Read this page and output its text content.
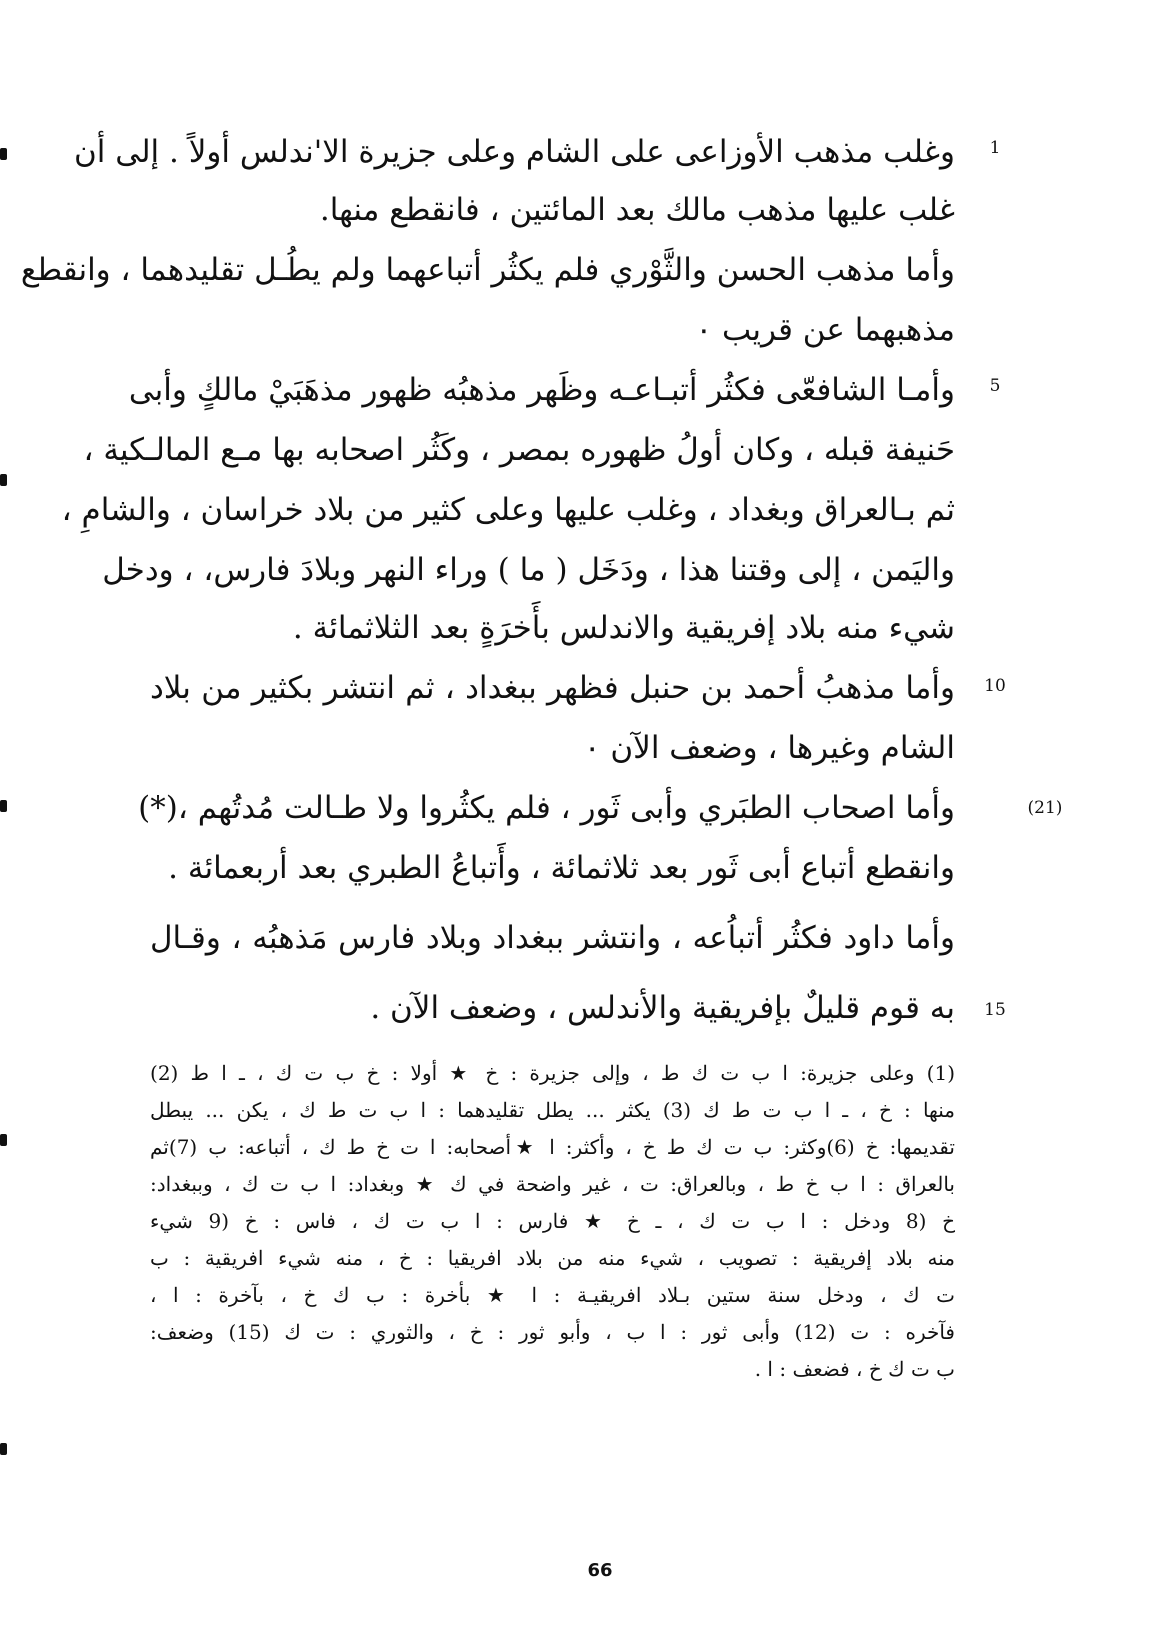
وغلب مذهب الأوزاعى على الشام وعلى جزيرة الا'ندلس أولاً . إلى أن
غلب عليها مذهب مالك بعد المائتين ، فانقطع منها.
وأما مذهب الحسن والثَّوْري فلم يكثُر أتباعهما ولم يطُـل تقليدهما ، وانقطع
مذهبهما عن قريب ٠
وأمـا الشافعّى فكثُر أتبـاعـه وظَهر مذهبُه ظهور مذهَبَيْ مالكٍ وأبى
حَنيفة قبله ، وكان أولُ ظهوره بمصر ، وكَثُر اصحابه بها مـع المالـكية ،
ثم بـالعراق وبغداد ، وغلب عليها وعلى كثير من بلاد خراسان ، والشامِ ،
واليَمن ، إلى وقتنا هذا ، ودَخَل ( ما ) وراء النهر وبلادَ فارس، ، ودخل
شيء منه بلاد إفريقية والاندلس بأَخرَةٍ بعد الثلاثمائة .
وأما مذهبُ أحمد بن حنبل فظهر ببغداد ، ثم انتشر بكثير من بلاد
الشام وغيرها ، وضعف الآن ٠
وأما اصحاب الطبَري وأبى ثَور ، فلم يكثُروا ولا طـالت مُدتُهم ،(*)
وانقطع أتباع أبى ثَور بعد ثلاثمائة ، وأَتباعُ الطبري بعد أربعمائة .
وأما داود فكثُر أتباُعه ، وانتشر ببغداد وبلاد فارس مَذهبُه ، وقـال
به قوم قليلٌ بإفريقية والأندلس ، وضعف الآن .
1
5
10
(21)
15
(1) وعلى جزيرة: ا ب ت ك ط ، وإلى جزيرة : خ ★ أولا : خ ب ت ك ، ـ ا ط (2)
منها : خ ، ـ ا ب ت ط ك (3) يكثر ... يطل تقليدهما : ا ب ت ط ك ، يكن ... يبطل
تقديمها: خ (6)وكثر: ب ت ك ط خ ، وأكثر: ا ★أصحابه: ا ت خ ط ك ، أتباعه: ب (7)ثم
بالعراق : ا ب خ ط ، وبالعراق: ت ، غير واضحة في ك ★ وبغداد: ا ب ت ك ، وببغداد:
خ (8 ودخل : ا ب ت ك ، ـ خ ★ فارس : ا ب ت ك ، فاس : خ (9 شيء
منه بلاد إفريقية : تصويب ، شيء منه من بلاد افريقيا : خ ، منه شيء افريقية : ب
ت ك ، ودخل سنة ستين بـلاد افريقيـة : ا ★ بأخرة : ب ك خ ، بآخرة : ا ،
فآخره : ت (12) وأبى ثور : ا ب ، وأبو ثور : خ ، والثوري : ت ك (15) وضعف:
ب ت ك خ ، فضعف : ا .
66
